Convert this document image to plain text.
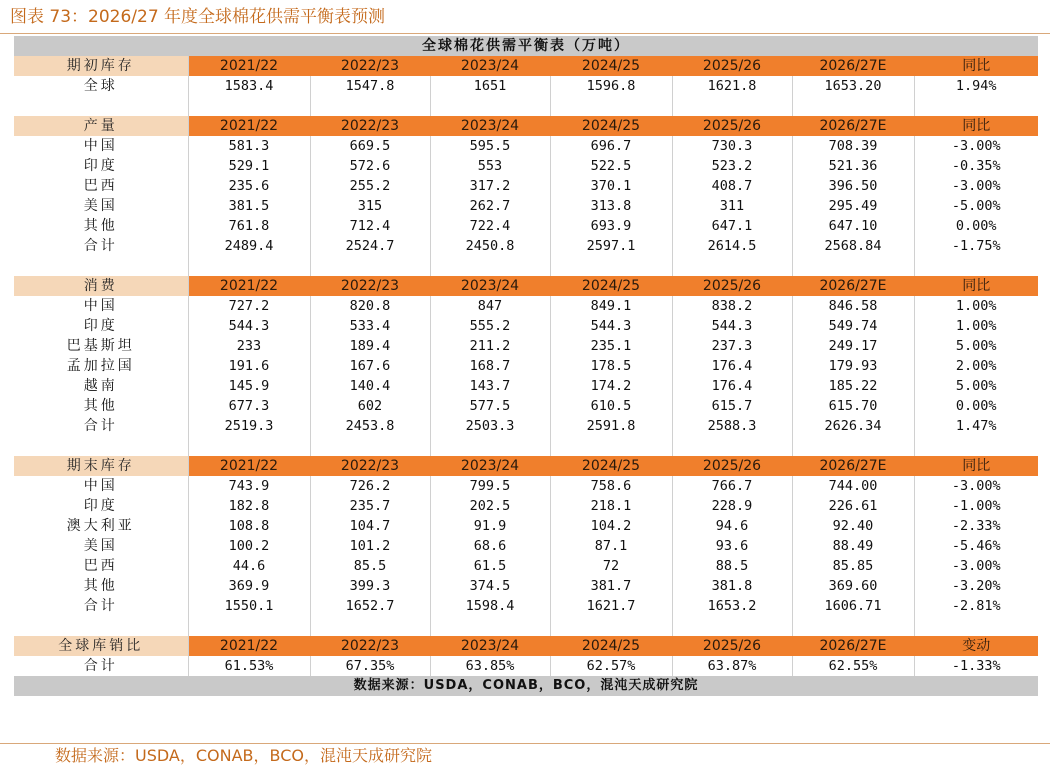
图表 73：2026/27 年度全球棉花供需平衡表预测
全球棉花供需平衡表（万吨）
期初库存	2021/22	2022/23	2023/24	2024/25	2025/26	2026/27E	同比
全球	1583.4	1547.8	1651	1596.8	1621.8	1653.20	1.94%

产量	2021/22	2022/23	2023/24	2024/25	2025/26	2026/27E	同比
中国	581.3	669.5	595.5	696.7	730.3	708.39	-3.00%
印度	529.1	572.6	553	522.5	523.2	521.36	-0.35%
巴西	235.6	255.2	317.2	370.1	408.7	396.50	-3.00%
美国	381.5	315	262.7	313.8	311	295.49	-5.00%
其他	761.8	712.4	722.4	693.9	647.1	647.10	0.00%
合计	2489.4	2524.7	2450.8	2597.1	2614.5	2568.84	-1.75%

消费	2021/22	2022/23	2023/24	2024/25	2025/26	2026/27E	同比
中国	727.2	820.8	847	849.1	838.2	846.58	1.00%
印度	544.3	533.4	555.2	544.3	544.3	549.74	1.00%
巴基斯坦	233	189.4	211.2	235.1	237.3	249.17	5.00%
孟加拉国	191.6	167.6	168.7	178.5	176.4	179.93	2.00%
越南	145.9	140.4	143.7	174.2	176.4	185.22	5.00%
其他	677.3	602	577.5	610.5	615.7	615.70	0.00%
合计	2519.3	2453.8	2503.3	2591.8	2588.3	2626.34	1.47%

期末库存	2021/22	2022/23	2023/24	2024/25	2025/26	2026/27E	同比
中国	743.9	726.2	799.5	758.6	766.7	744.00	-3.00%
印度	182.8	235.7	202.5	218.1	228.9	226.61	-1.00%
澳大利亚	108.8	104.7	91.9	104.2	94.6	92.40	-2.33%
美国	100.2	101.2	68.6	87.1	93.6	88.49	-5.46%
巴西	44.6	85.5	61.5	72	88.5	85.85	-3.00%
其他	369.9	399.3	374.5	381.7	381.8	369.60	-3.20%
合计	1550.1	1652.7	1598.4	1621.7	1653.2	1606.71	-2.81%

全球库销比	2021/22	2022/23	2023/24	2024/25	2025/26	2026/27E	变动
合计	61.53%	67.35%	63.85%	62.57%	63.87%	62.55%	-1.33%
数据来源：USDA，CONAB，BCO，混沌天成研究院
数据来源：USDA，CONAB，BCO，混沌天成研究院
